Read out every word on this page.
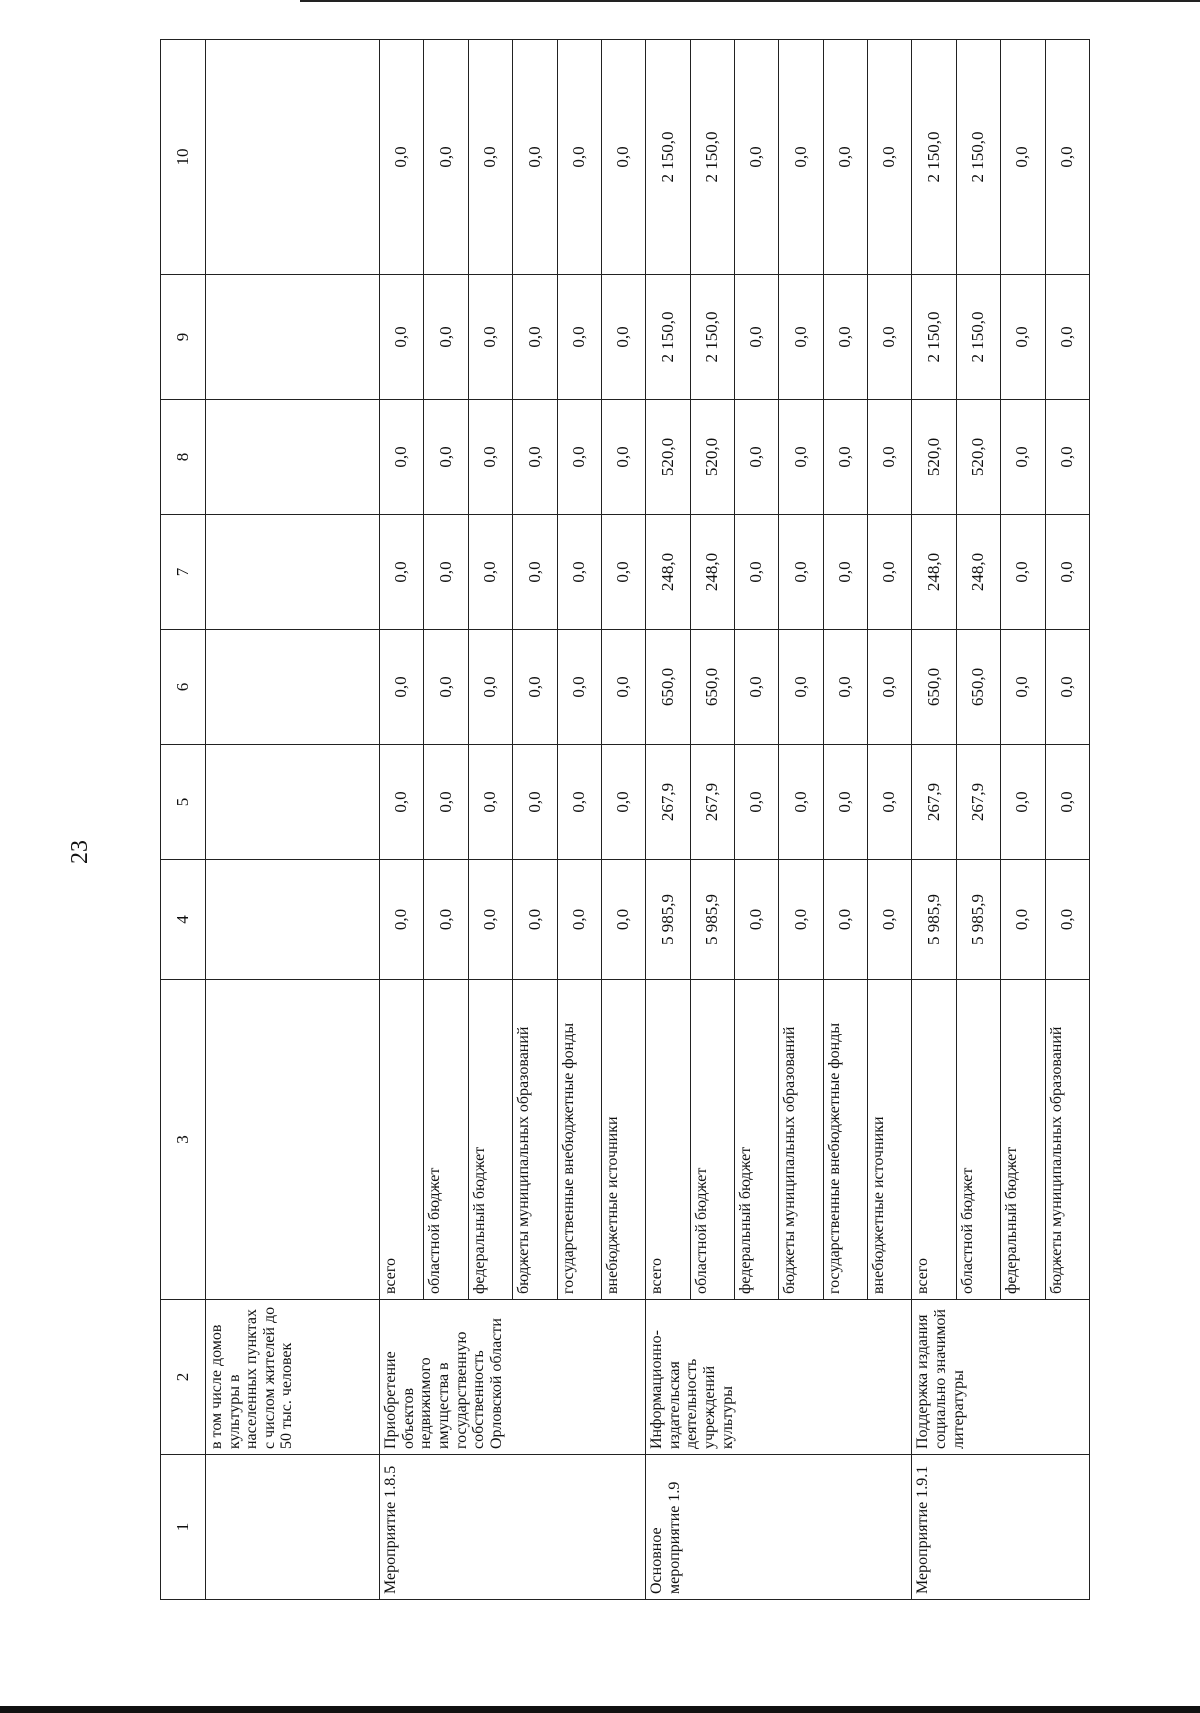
23
1	2	3	4	5	6	7	8	9	10
	в том числе домов культуры в населенных пунктах с числом жителей до 50 тыс. человек								
Мероприятие 1.8.5	Приобретение объектов недвижимого имущества в государственную собственность Орловской области	всего	0,0	0,0	0,0	0,0	0,0	0,0	0,0
		областной бюджет	0,0	0,0	0,0	0,0	0,0	0,0	0,0
		федеральный бюджет	0,0	0,0	0,0	0,0	0,0	0,0	0,0
		бюджеты муниципальных образований	0,0	0,0	0,0	0,0	0,0	0,0	0,0
		государственные внебюджетные фонды	0,0	0,0	0,0	0,0	0,0	0,0	0,0
		внебюджетные источники	0,0	0,0	0,0	0,0	0,0	0,0	0,0
Основное мероприятие 1.9	Информационно-издательская деятельность учреждений культуры	всего	5 985,9	267,9	650,0	248,0	520,0	2 150,0	2 150,0
		областной бюджет	5 985,9	267,9	650,0	248,0	520,0	2 150,0	2 150,0
		федеральный бюджет	0,0	0,0	0,0	0,0	0,0	0,0	0,0
		бюджеты муниципальных образований	0,0	0,0	0,0	0,0	0,0	0,0	0,0
		государственные внебюджетные фонды	0,0	0,0	0,0	0,0	0,0	0,0	0,0
		внебюджетные источники	0,0	0,0	0,0	0,0	0,0	0,0	0,0
Мероприятие 1.9.1	Поддержка издания социально значимой литературы	всего	5 985,9	267,9	650,0	248,0	520,0	2 150,0	2 150,0
		областной бюджет	5 985,9	267,9	650,0	248,0	520,0	2 150,0	2 150,0
		федеральный бюджет	0,0	0,0	0,0	0,0	0,0	0,0	0,0
		бюджеты муниципальных образований	0,0	0,0	0,0	0,0	0,0	0,0	0,0
